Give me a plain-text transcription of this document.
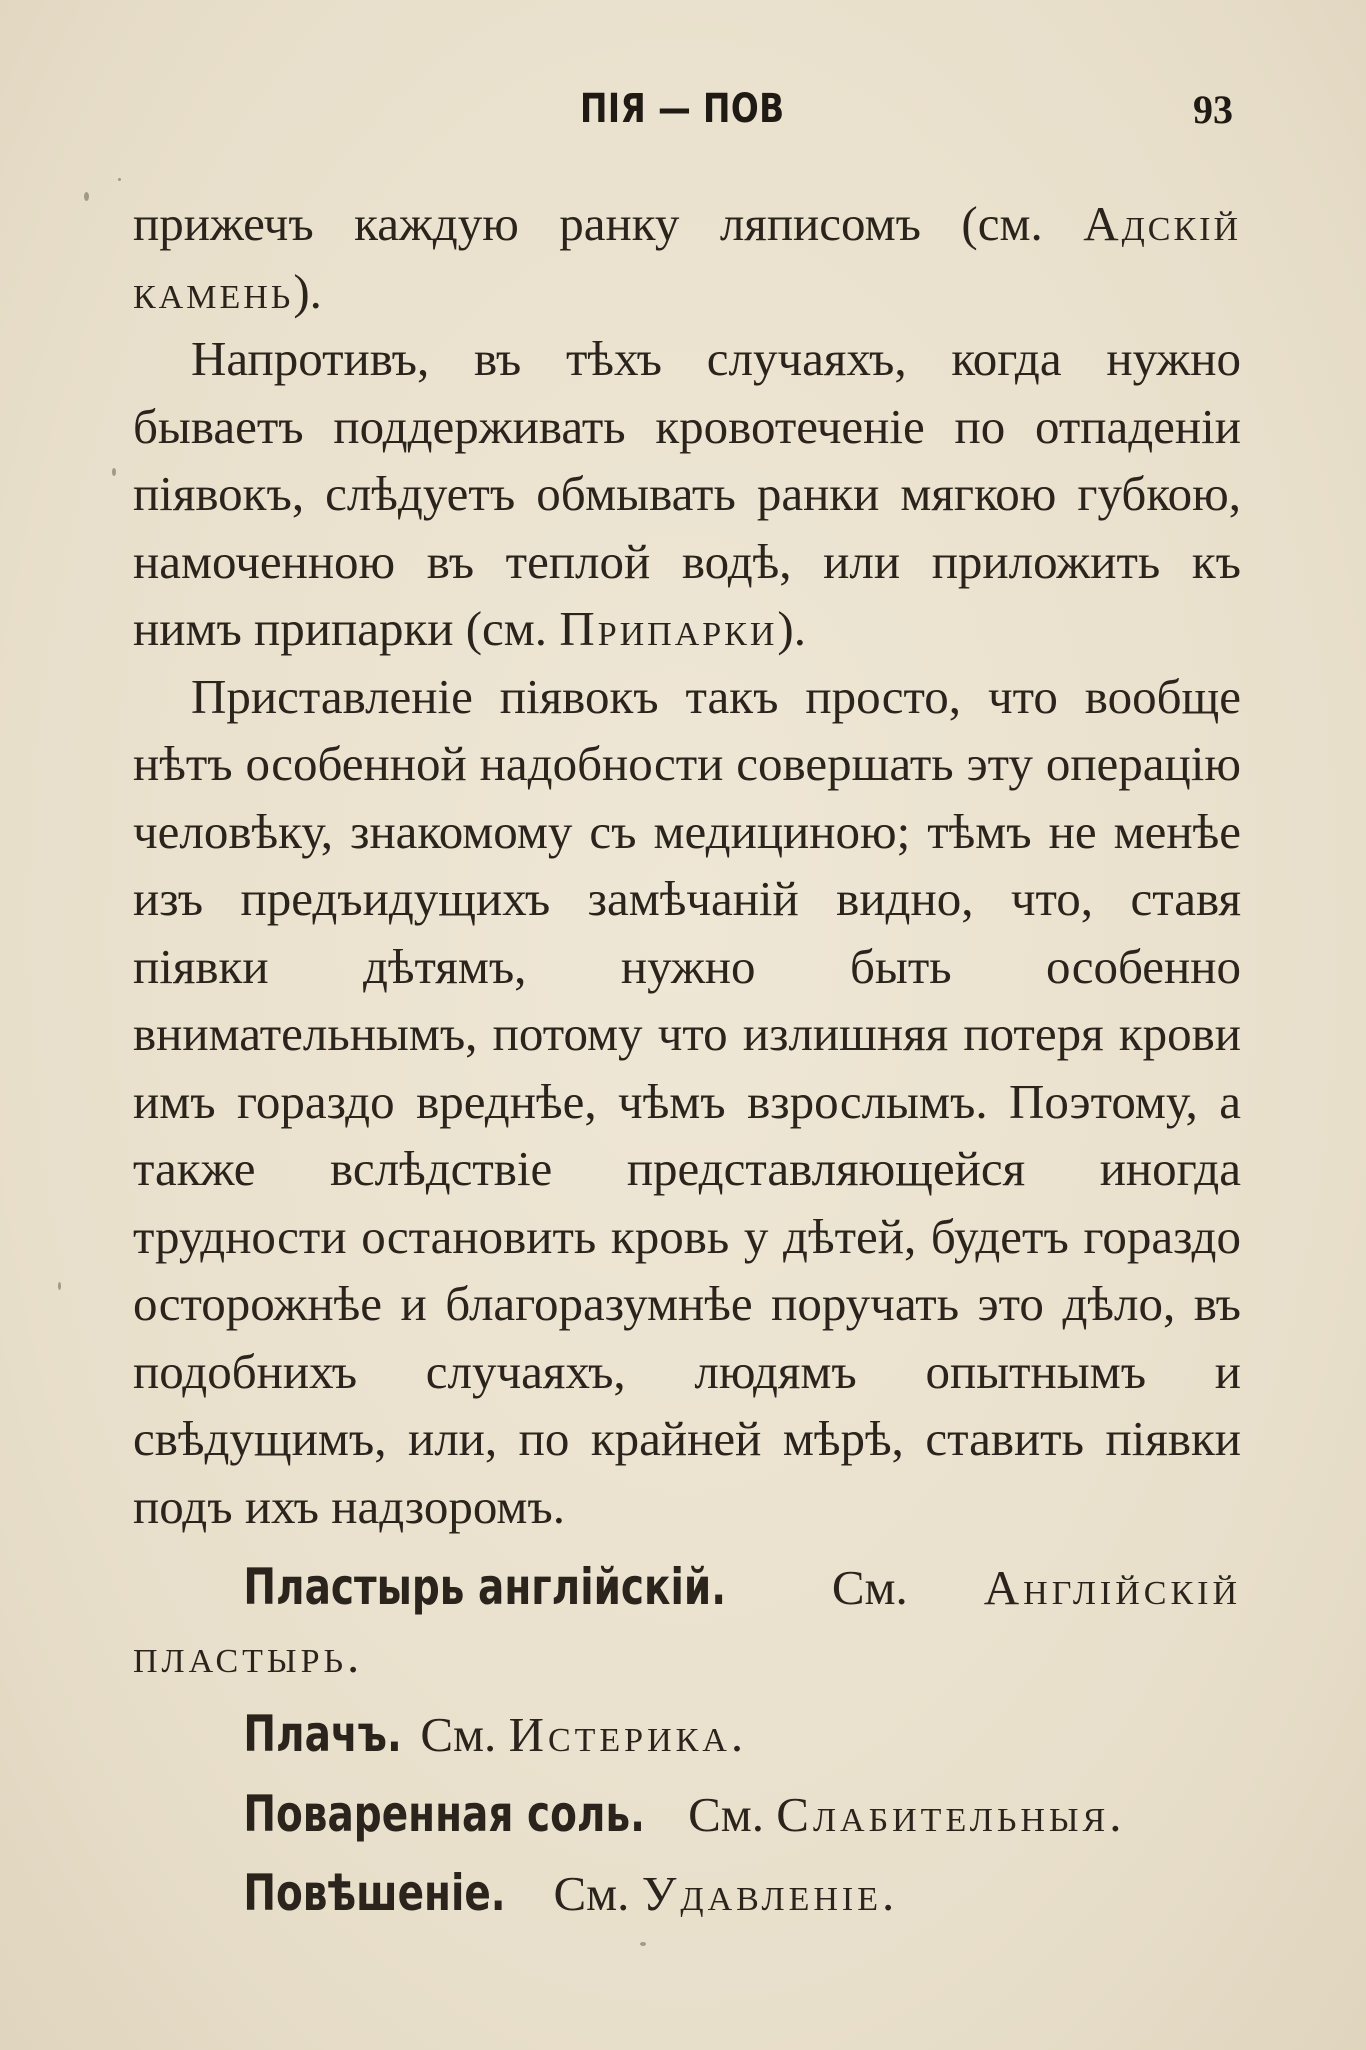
ПІЯ — ПОВ	93

прижечъ каждую ранку ляписомъ (см. Адскій камень).

Напротивъ, въ тѣхъ случаяхъ, когда нужно бываетъ поддерживать кровотеченіе по отпаденіи піявокъ, слѣдуетъ обмывать ранки мягкою губкою, намоченною въ теплой водѣ, или приложить къ нимъ припарки (см. Припарки).

Приставленіе піявокъ такъ просто, что вообще нѣтъ особенной надобности совершать эту операцію человѣку, знакомому съ медициною; тѣмъ не менѣе изъ предъидущихъ замѣчаній видно, что, ставя піявки дѣтямъ, нужно быть особенно внимательнымъ, потому что излишняя потеря крови имъ гораздо вреднѣе, чѣмъ взрослымъ. Поэтому, а также вслѣдствіе представляющейся иногда трудности остановить кровь у дѣтей, будетъ гораздо осторожнѣе и благоразумнѣе поручать это дѣло, въ подобнихъ случаяхъ, людямъ опытнымъ и свѣдущимъ, или, по крайней мѣрѣ, ставить піявки подъ ихъ надзоромъ.

Пластырь англійскій. См. Англійскій пластырь.

Плачъ. См. Истерика.

Поваренная соль. См. Слабительныя.

Повѣшеніе. См. Удавленіе.
